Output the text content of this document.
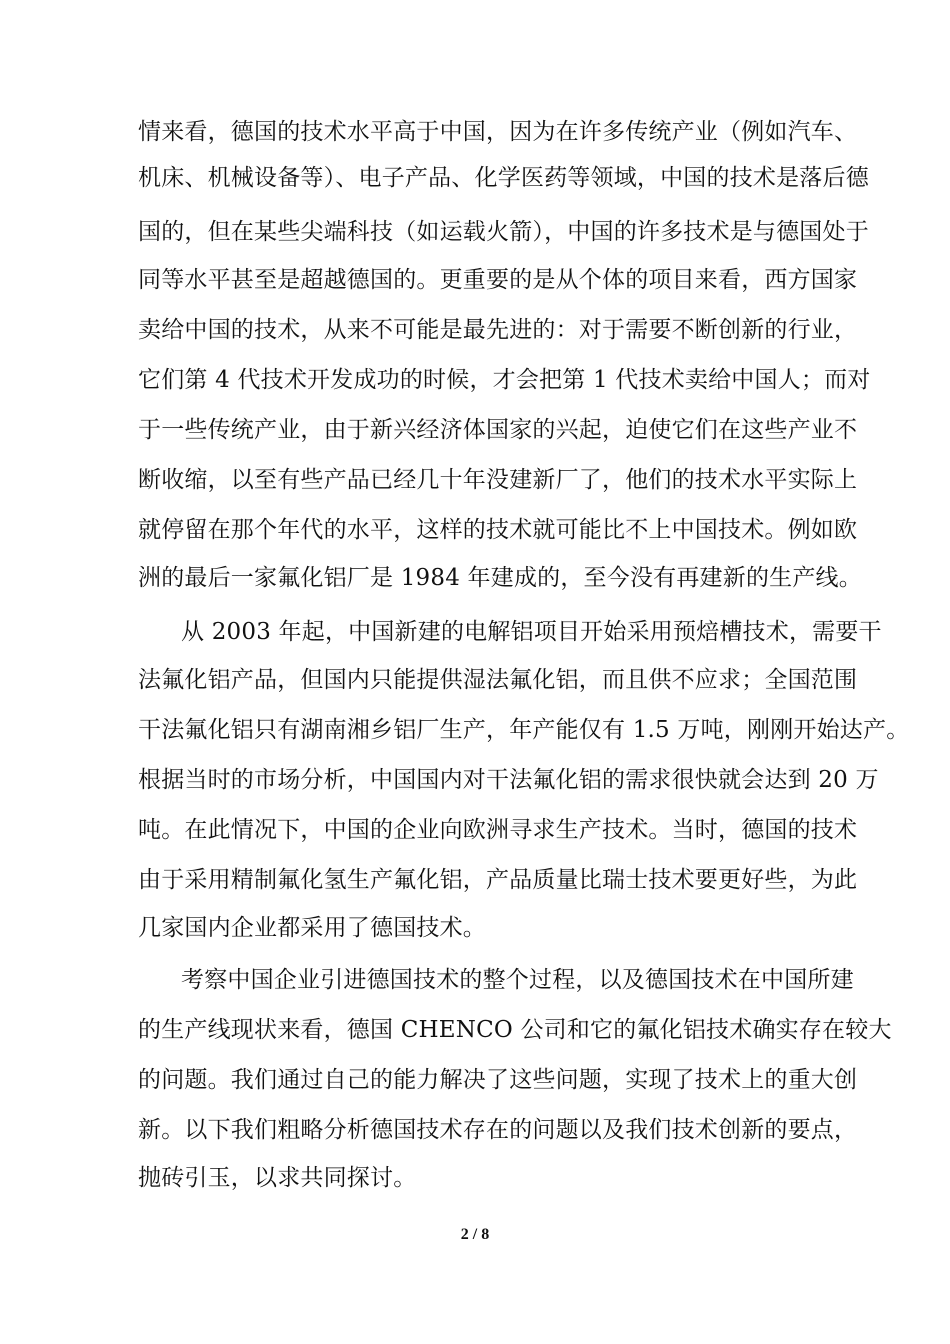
情来看，德国的技术水平高于中国，因为在许多传统产业（例如汽车、
机床、机械设备等）、电子产品、化学医药等领域，中国的技术是落后德
国的，但在某些尖端科技（如运载火箭），中国的许多技术是与德国处于
同等水平甚至是超越德国的。更重要的是从个体的项目来看，西方国家
卖给中国的技术，从来不可能是最先进的：对于需要不断创新的行业，
它们第 4 代技术开发成功的时候，才会把第 1 代技术卖给中国人；而对
于一些传统产业，由于新兴经济体国家的兴起，迫使它们在这些产业不
断收缩，以至有些产品已经几十年没建新厂了，他们的技术水平实际上
就停留在那个年代的水平，这样的技术就可能比不上中国技术。例如欧
洲的最后一家氟化铝厂是 1984 年建成的，至今没有再建新的生产线。
从 2003 年起，中国新建的电解铝项目开始采用预焙槽技术，需要干
法氟化铝产品，但国内只能提供湿法氟化铝，而且供不应求；全国范围
干法氟化铝只有湖南湘乡铝厂生产，年产能仅有 1.5 万吨，刚刚开始达产。
根据当时的市场分析，中国国内对干法氟化铝的需求很快就会达到 20 万
吨。在此情况下，中国的企业向欧洲寻求生产技术。当时，德国的技术
由于采用精制氟化氢生产氟化铝，产品质量比瑞士技术要更好些，为此
几家国内企业都采用了德国技术。
考察中国企业引进德国技术的整个过程，以及德国技术在中国所建
的生产线现状来看，德国 CHENCO 公司和它的氟化铝技术确实存在较大
的问题。我们通过自己的能力解决了这些问题，实现了技术上的重大创
新。以下我们粗略分析德国技术存在的问题以及我们技术创新的要点，
抛砖引玉，以求共同探讨。
2 / 8
